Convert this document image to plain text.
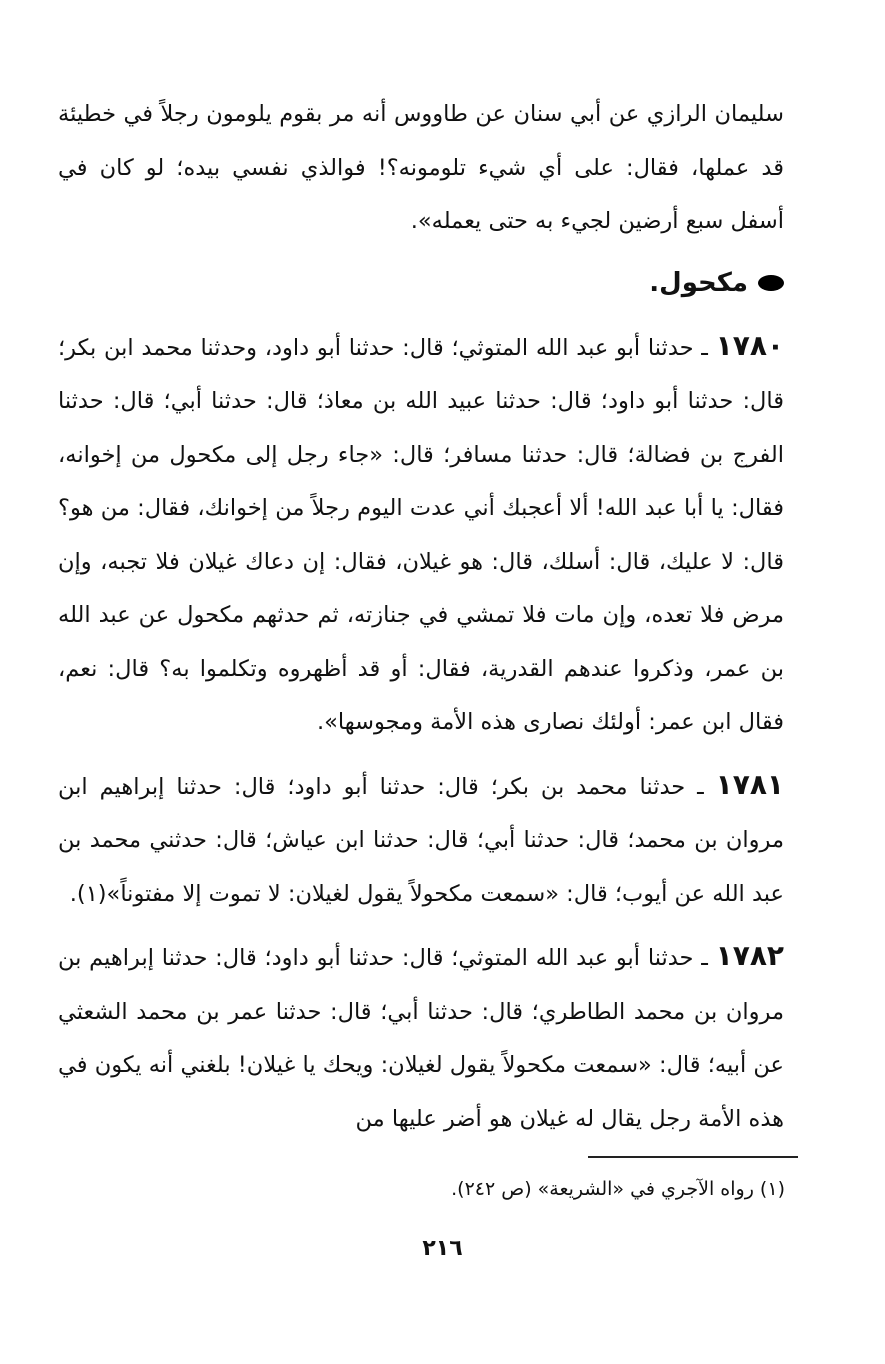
سليمان الرازي عن أبي سنان عن طاووس أنه مر بقوم يلومون رجلاً في خطيئة قد عملها، فقال: على أي شيء تلومونه؟! فوالذي نفسي بيده؛ لو كان في أسفل سبع أرضين لجيء به حتى يعمله».

مكحول.

١٧٨٠ ـ حدثنا أبو عبد الله المتوثي؛ قال: حدثنا أبو داود، وحدثنا محمد ابن بكر؛ قال: حدثنا أبو داود؛ قال: حدثنا عبيد الله بن معاذ؛ قال: حدثنا أبي؛ قال: حدثنا الفرج بن فضالة؛ قال: حدثنا مسافر؛ قال: «جاء رجل إلى مكحول من إخوانه، فقال: يا أبا عبد الله! ألا أعجبك أني عدت اليوم رجلاً من إخوانك، فقال: من هو؟ قال: لا عليك، قال: أسلك، قال: هو غيلان، فقال: إن دعاك غيلان فلا تجبه، وإن مرض فلا تعده، وإن مات فلا تمشي في جنازته، ثم حدثهم مكحول عن عبد الله بن عمر، وذكروا عندهم القدرية، فقال: أو قد أظهروه وتكلموا به؟ قال: نعم، فقال ابن عمر: أولئك نصارى هذه الأمة ومجوسها».

١٧٨١ ـ حدثنا محمد بن بكر؛ قال: حدثنا أبو داود؛ قال: حدثنا إبراهيم ابن مروان بن محمد؛ قال: حدثنا أبي؛ قال: حدثنا ابن عياش؛ قال: حدثني محمد بن عبد الله عن أيوب؛ قال: «سمعت مكحولاً يقول لغيلان: لا تموت إلا مفتوناً»(١).

١٧٨٢ ـ حدثنا أبو عبد الله المتوثي؛ قال: حدثنا أبو داود؛ قال: حدثنا إبراهيم بن مروان بن محمد الطاطري؛ قال: حدثنا أبي؛ قال: حدثنا عمر بن محمد الشعثي عن أبيه؛ قال: «سمعت مكحولاً يقول لغيلان: ويحك يا غيلان! بلغني أنه يكون في هذه الأمة رجل يقال له غيلان هو أضر عليها من

(١) رواه الآجري في «الشريعة» (ص ٢٤٢).
٢١٦
